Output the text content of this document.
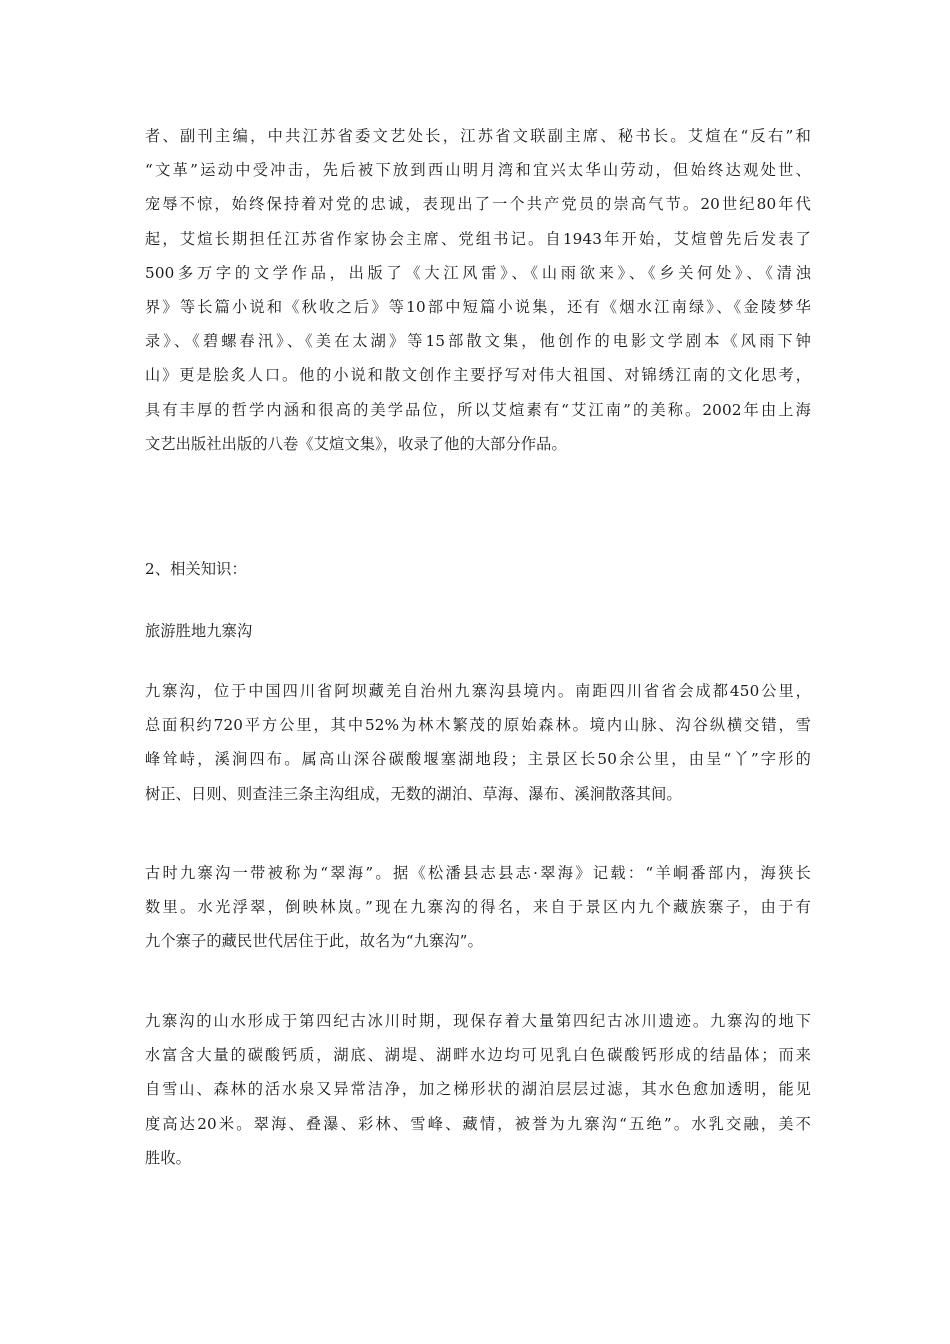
者、副刊主编，中共江苏省委文艺处长，江苏省文联副主席、秘书长。艾煊在“反右”和
“文革”运动中受冲击，先后被下放到西山明月湾和宜兴太华山劳动，但始终达观处世、
宠辱不惊，始终保持着对党的忠诚，表现出了一个共产党员的崇高气节。20世纪80年代
起，艾煊长期担任江苏省作家协会主席、党组书记。自1943年开始，艾煊曾先后发表了
500多万字的文学作品，出版了《大江风雷》、《山雨欲来》、《乡关何处》、《清浊
界》等长篇小说和《秋收之后》等10部中短篇小说集，还有《烟水江南绿》、《金陵梦华
录》、《碧螺春汛》、《美在太湖》等15部散文集，他创作的电影文学剧本《风雨下钟
山》更是脍炙人口。他的小说和散文创作主要抒写对伟大祖国、对锦绣江南的文化思考，
具有丰厚的哲学内涵和很高的美学品位，所以艾煊素有“艾江南”的美称。2002年由上海
文艺出版社出版的八卷《艾煊文集》，收录了他的大部分作品。
2、相关知识：
旅游胜地九寨沟
九寨沟，位于中国四川省阿坝藏羌自治州九寨沟县境内。南距四川省省会成都450公里，
总面积约720平方公里，其中52%为林木繁茂的原始森林。境内山脉、沟谷纵横交错，雪
峰耸峙，溪涧四布。属高山深谷碳酸堰塞湖地段；主景区长50余公里，由呈“丫”字形的
树正、日则、则查洼三条主沟组成，无数的湖泊、草海、瀑布、溪涧散落其间。
古时九寨沟一带被称为“翠海”。据《松潘县志县志·翠海》记载：“羊峒番部内，海狭长
数里。水光浮翠，倒映林岚。”现在九寨沟的得名，来自于景区内九个藏族寨子，由于有
九个寨子的藏民世代居住于此，故名为“九寨沟”。
九寨沟的山水形成于第四纪古冰川时期，现保存着大量第四纪古冰川遗迹。九寨沟的地下
水富含大量的碳酸钙质，湖底、湖堤、湖畔水边均可见乳白色碳酸钙形成的结晶体；而来
自雪山、森林的活水泉又异常洁净，加之梯形状的湖泊层层过滤，其水色愈加透明，能见
度高达20米。翠海、叠瀑、彩林、雪峰、藏情，被誉为九寨沟“五绝”。水乳交融，美不
胜收。
